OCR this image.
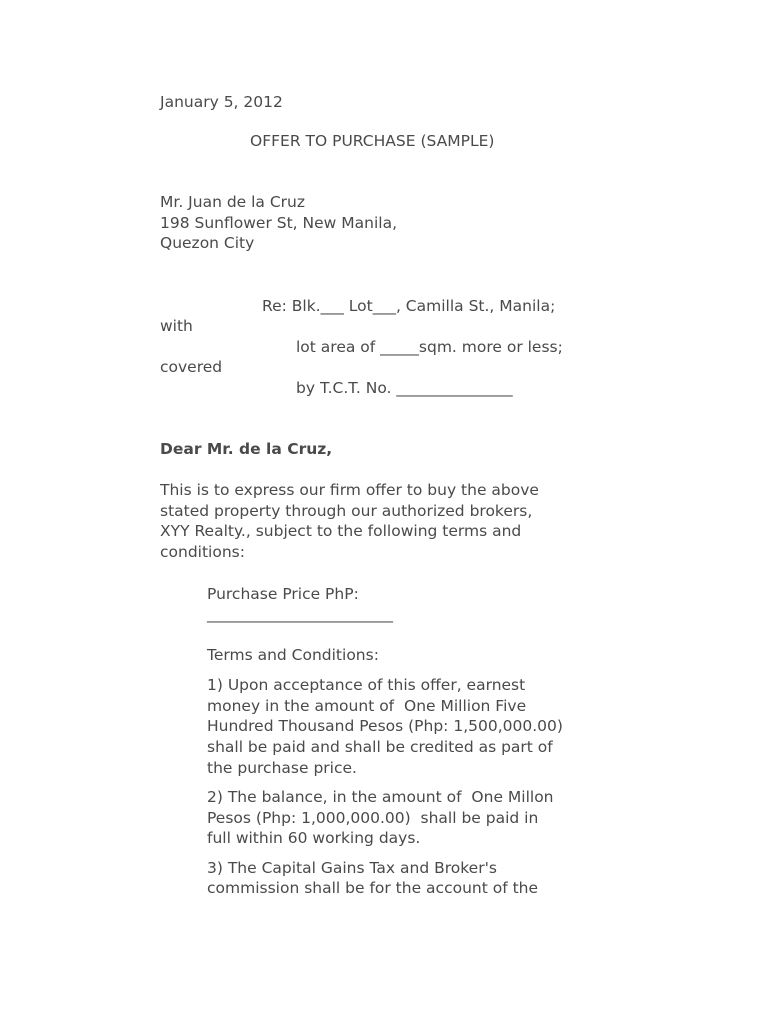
January 5, 2012
OFFER TO PURCHASE (SAMPLE)
Mr. Juan de la Cruz
198 Sunflower St, New Manila,
Quezon City
Re: Blk.___ Lot___, Camilla St., Manila;
with
lot area of _____sqm. more or less;
covered
by T.C.T. No. _______________
Dear Mr. de la Cruz,
This is to express our firm offer to buy the above
stated property through our authorized brokers,
XYY Realty., subject to the following terms and
conditions:
Purchase Price PhP:
________________________
Terms and Conditions:
1) Upon acceptance of this offer, earnest
money in the amount of  One Million Five
Hundred Thousand Pesos (Php: 1,500,000.00)
shall be paid and shall be credited as part of
the purchase price.
2) The balance, in the amount of  One Millon
Pesos (Php: 1,000,000.00)  shall be paid in
full within 60 working days.
3) The Capital Gains Tax and Broker's
commission shall be for the account of the
